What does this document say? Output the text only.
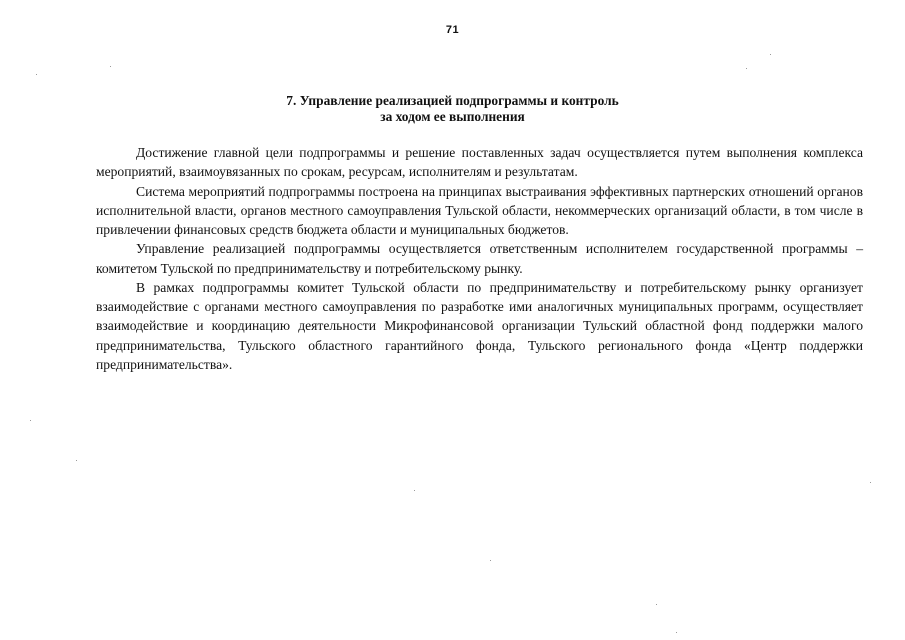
71
7. Управление реализацией подпрограммы и контроль
за ходом ее выполнения

Достижение главной цели подпрограммы и решение поставленных задач осуществляется путем выполнения комплекса мероприятий, взаимоувязанных по срокам, ресурсам, исполнителям и результатам.

Система мероприятий подпрограммы построена на принципах выстраивания эффективных партнерских отношений органов исполнительной власти, органов местного самоуправления Тульской области, некоммерческих организаций области, в том числе в привлечении финансовых средств бюджета области и муниципальных бюджетов.

Управление реализацией подпрограммы осуществляется ответственным исполнителем государственной программы – комитетом Тульской по предпринимательству и потребительскому рынку.

В рамках подпрограммы комитет Тульской области по предпринимательству и потребительскому рынку организует взаимодействие с органами местного самоуправления по разработке ими аналогичных муниципальных программ, осуществляет взаимодействие и координацию деятельности Микрофинансовой организации Тульский областной фонд поддержки малого предпринимательства, Тульского областного гарантийного фонда, Тульского регионального фонда «Центр поддержки предпринимательства».
